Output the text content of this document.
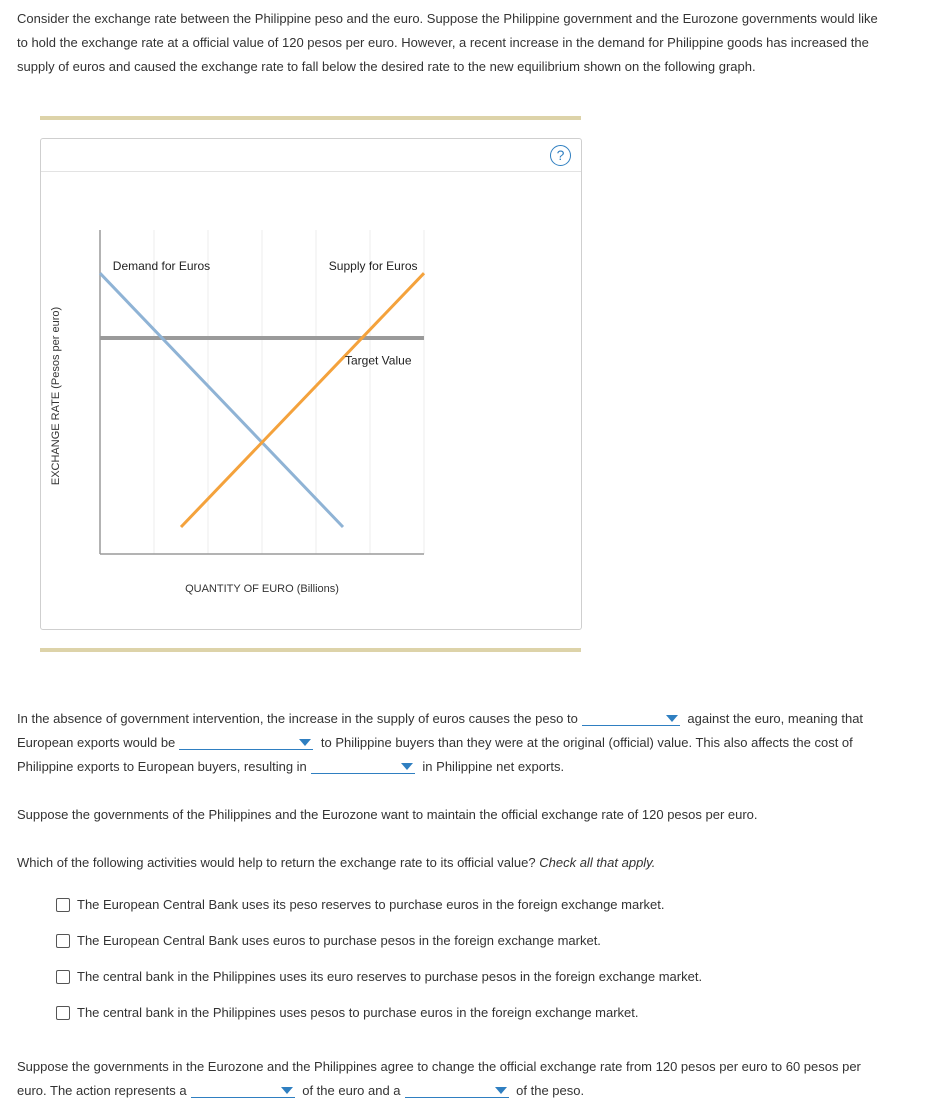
Consider the exchange rate between the Philippine peso and the euro. Suppose the Philippine government and the Eurozone governments would like
to hold the exchange rate at a official value of 120 pesos per euro. However, a recent increase in the demand for Philippine goods has increased the
supply of euros and caused the exchange rate to fall below the desired rate to the new equilibrium shown on the following graph.
?
Demand for Euros	Supply for Euros
Target Value
QUANTITY OF EURO (Billions)
EXCHANGE RATE (Pesos per euro)
In the absence of government intervention, the increase in the supply of euros causes the peso to	against the euro, meaning that
European exports would be	to Philippine buyers than they were at the original (official) value. This also affects the cost of
Philippine exports to European buyers, resulting in	in Philippine net exports.
Suppose the governments of the Philippines and the Eurozone want to maintain the official exchange rate of 120 pesos per euro.
Which of the following activities would help to return the exchange rate to its official value? Check all that apply.
The European Central Bank uses its peso reserves to purchase euros in the foreign exchange market.
The European Central Bank uses euros to purchase pesos in the foreign exchange market.
The central bank in the Philippines uses its euro reserves to purchase pesos in the foreign exchange market.
The central bank in the Philippines uses pesos to purchase euros in the foreign exchange market.
Suppose the governments in the Eurozone and the Philippines agree to change the official exchange rate from 120 pesos per euro to 60 pesos per
euro. The action represents a	of the euro and a	of the peso.
